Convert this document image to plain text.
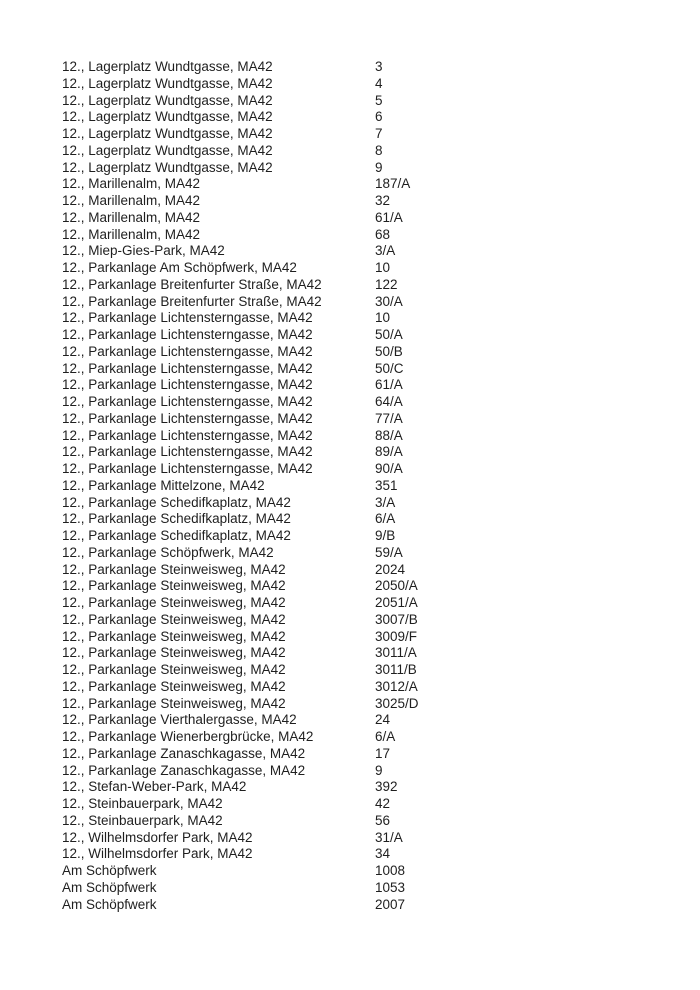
12., Lagerplatz Wundtgasse, MA42	3
12., Lagerplatz Wundtgasse, MA42	4
12., Lagerplatz Wundtgasse, MA42	5
12., Lagerplatz Wundtgasse, MA42	6
12., Lagerplatz Wundtgasse, MA42	7
12., Lagerplatz Wundtgasse, MA42	8
12., Lagerplatz Wundtgasse, MA42	9
12., Marillenalm, MA42	187/A
12., Marillenalm, MA42	32
12., Marillenalm, MA42	61/A
12., Marillenalm, MA42	68
12., Miep-Gies-Park, MA42	3/A
12., Parkanlage Am Schöpfwerk, MA42	10
12., Parkanlage Breitenfurter Straße, MA42	122
12., Parkanlage Breitenfurter Straße, MA42	30/A
12., Parkanlage Lichtensterngasse, MA42	10
12., Parkanlage Lichtensterngasse, MA42	50/A
12., Parkanlage Lichtensterngasse, MA42	50/B
12., Parkanlage Lichtensterngasse, MA42	50/C
12., Parkanlage Lichtensterngasse, MA42	61/A
12., Parkanlage Lichtensterngasse, MA42	64/A
12., Parkanlage Lichtensterngasse, MA42	77/A
12., Parkanlage Lichtensterngasse, MA42	88/A
12., Parkanlage Lichtensterngasse, MA42	89/A
12., Parkanlage Lichtensterngasse, MA42	90/A
12., Parkanlage Mittelzone, MA42	351
12., Parkanlage Schedifkaplatz, MA42	3/A
12., Parkanlage Schedifkaplatz, MA42	6/A
12., Parkanlage Schedifkaplatz, MA42	9/B
12., Parkanlage Schöpfwerk, MA42	59/A
12., Parkanlage Steinweisweg, MA42	2024
12., Parkanlage Steinweisweg, MA42	2050/A
12., Parkanlage Steinweisweg, MA42	2051/A
12., Parkanlage Steinweisweg, MA42	3007/B
12., Parkanlage Steinweisweg, MA42	3009/F
12., Parkanlage Steinweisweg, MA42	3011/A
12., Parkanlage Steinweisweg, MA42	3011/B
12., Parkanlage Steinweisweg, MA42	3012/A
12., Parkanlage Steinweisweg, MA42	3025/D
12., Parkanlage Vierthalergasse, MA42	24
12., Parkanlage Wienerbergbrücke, MA42	6/A
12., Parkanlage Zanaschkagasse, MA42	17
12., Parkanlage Zanaschkagasse, MA42	9
12., Stefan-Weber-Park, MA42	392
12., Steinbauerpark, MA42	42
12., Steinbauerpark, MA42	56
12., Wilhelmsdorfer Park, MA42	31/A
12., Wilhelmsdorfer Park, MA42	34
Am Schöpfwerk	1008
Am Schöpfwerk	1053
Am Schöpfwerk	2007
